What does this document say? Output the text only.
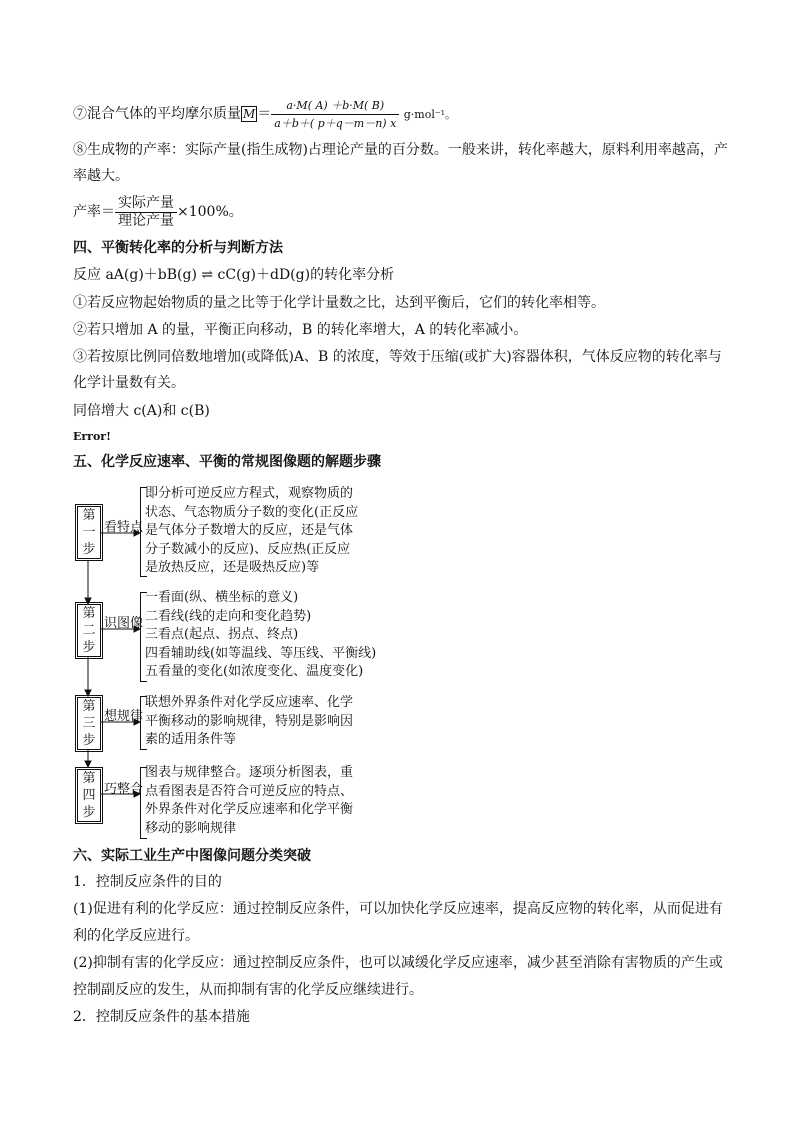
⑦混合气体的平均摩尔质量 $\overline{M} = \frac{a\cdot M( A) +b\cdot M( B)}{a+b+( p+q-m-n) x} g\cdot mol^{-1}$。
⑧生成物的产率：实际产量(指生成物)占理论产量的百分数。一般来讲，转化率越大，原料利用率越高，产
率越大。
产率＝ $\frac{\text{实际产量}}{\text{理论产量}} \times 100\%$。
四、平衡转化率的分析与判断方法
反应 aA(g)＋bB(g) ⇌ cC(g)＋dD(g)的转化率分析
①若反应物起始物质的量之比等于化学计量数之比，达到平衡后，它们的转化率相等。
②若只增加 A 的量，平衡正向移动，B 的转化率增大，A 的转化率减小。
③若按原比例同倍数地增加(或降低)A、B 的浓度，等效于压缩(或扩大)容器体积，气体反应物的转化率与
化学计量数有关。
同倍增大 c(A)和 c(B)
Error!
五、化学反应速率、平衡的常规图像题的解题步骤
第
一
步
看特点
即分析可逆反应方程式，观察物质的
状态、气态物质分子数的变化(正反应
是气体分子数增大的反应，还是气体
分子数减小的反应)、反应热(正反应
是放热反应，还是吸热反应)等
第
二
步
识图像
一看面(纵、横坐标的意义)
二看线(线的走向和变化趋势)
三看点(起点、拐点、终点)
四看辅助线(如等温线、等压线、平衡线)
五看量的变化(如浓度变化、温度变化)
第
三
步
想规律
联想外界条件对化学反应速率、化学
平衡移动的影响规律，特别是影响因
素的适用条件等
第
四
步
巧整合
图表与规律整合。逐项分析图表，重
点看图表是否符合可逆反应的特点、
外界条件对化学反应速率和化学平衡
移动的影响规律
六、实际工业生产中图像问题分类突破
1．控制反应条件的目的
(1)促进有利的化学反应：通过控制反应条件，可以加快化学反应速率，提高反应物的转化率，从而促进有
利的化学反应进行。
(2)抑制有害的化学反应：通过控制反应条件，也可以减缓化学反应速率，减少甚至消除有害物质的产生或
控制副反应的发生，从而抑制有害的化学反应继续进行。
2．控制反应条件的基本措施
